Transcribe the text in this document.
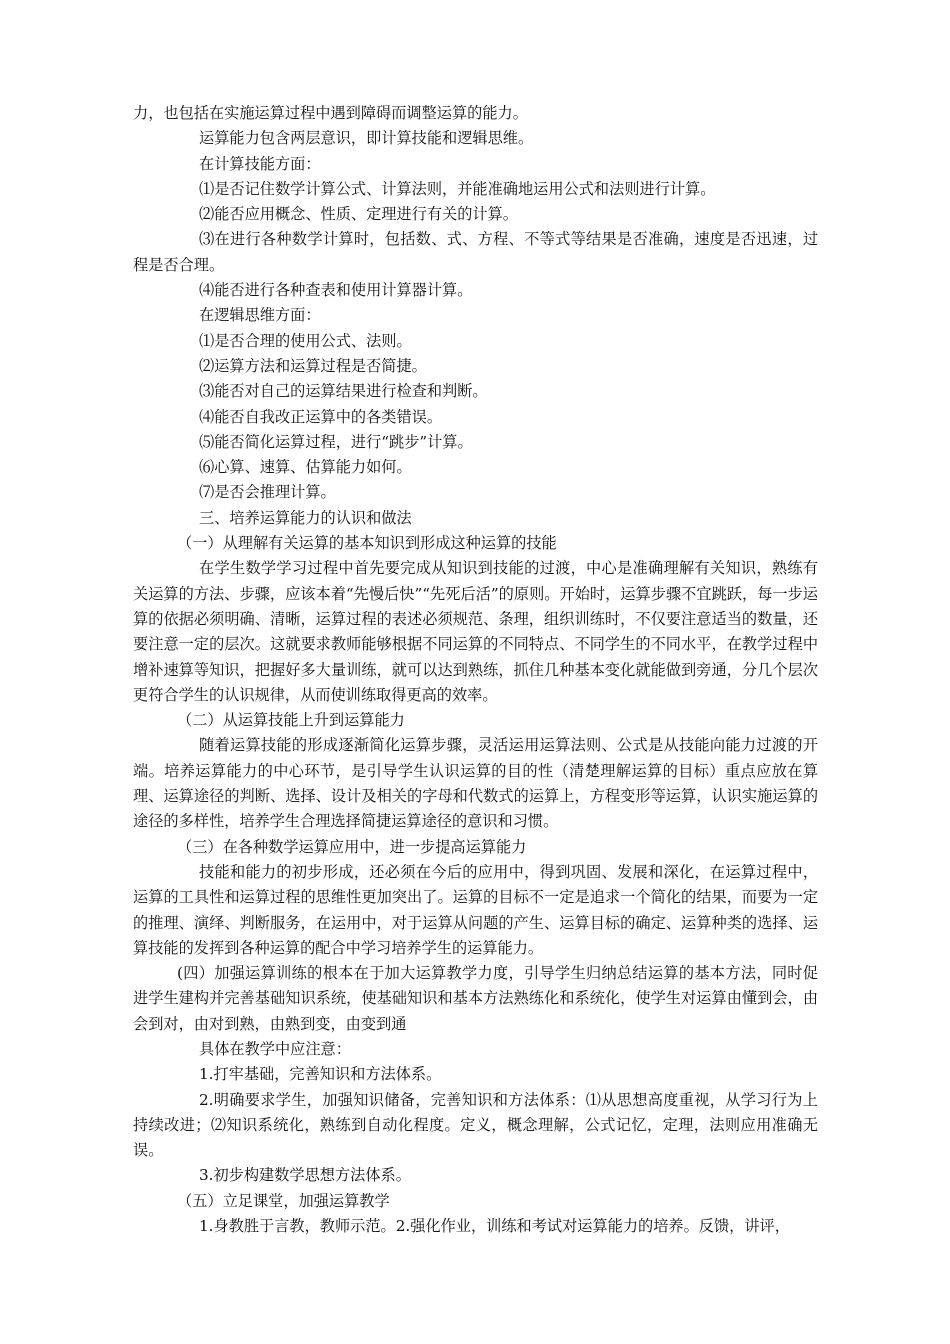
力，也包括在实施运算过程中遇到障碍而调整运算的能力。

运算能力包含两层意识，即计算技能和逻辑思维。

在计算技能方面：

⑴是否记住数学计算公式、计算法则，并能准确地运用公式和法则进行计算。

⑵能否应用概念、性质、定理进行有关的计算。

⑶在进行各种数学计算时，包括数、式、方程、不等式等结果是否准确，速度是否迅速，过程是否合理。

⑷能否进行各种查表和使用计算器计算。

在逻辑思维方面：

⑴是否合理的使用公式、法则。

⑵运算方法和运算过程是否简捷。

⑶能否对自己的运算结果进行检查和判断。

⑷能否自我改正运算中的各类错误。

⑸能否简化运算过程，进行“跳步”计算。

⑹心算、速算、估算能力如何。

⑺是否会推理计算。

三、培养运算能力的认识和做法

（一）从理解有关运算的基本知识到形成这种运算的技能

在学生数学学习过程中首先要完成从知识到技能的过渡，中心是准确理解有关知识，熟练有关运算的方法、步骤，应该本着“先慢后快”“先死后活”的原则。开始时，运算步骤不宜跳跃，每一步运算的依据必须明确、清晰，运算过程的表述必须规范、条理，组织训练时，不仅要注意适当的数量，还要注意一定的层次。这就要求教师能够根据不同运算的不同特点、不同学生的不同水平，在教学过程中增补速算等知识，把握好多大量训练，就可以达到熟练，抓住几种基本变化就能做到旁通，分几个层次更符合学生的认识规律，从而使训练取得更高的效率。

（二）从运算技能上升到运算能力

随着运算技能的形成逐渐简化运算步骤，灵活运用运算法则、公式是从技能向能力过渡的开端。培养运算能力的中心环节，是引导学生认识运算的目的性（清楚理解运算的目标）重点应放在算理、运算途径的判断、选择、设计及相关的字母和代数式的运算上，方程变形等运算，认识实施运算的途径的多样性，培养学生合理选择简捷运算途径的意识和习惯。

（三）在各种数学运算应用中，进一步提高运算能力

技能和能力的初步形成，还必须在今后的应用中，得到巩固、发展和深化，在运算过程中，运算的工具性和运算过程的思维性更加突出了。运算的目标不一定是追求一个简化的结果，而要为一定的推理、演绎、判断服务，在运用中，对于运算从问题的产生、运算目标的确定、运算种类的选择、运算技能的发挥到各种运算的配合中学习培养学生的运算能力。

(四）加强运算训练的根本在于加大运算教学力度，引导学生归纳总结运算的基本方法，同时促进学生建构并完善基础知识系统，使基础知识和基本方法熟练化和系统化，使学生对运算由懂到会，由会到对，由对到熟，由熟到变，由变到通

具体在教学中应注意：

1.打牢基础，完善知识和方法体系。

2.明确要求学生，加强知识储备，完善知识和方法体系：⑴从思想高度重视，从学习行为上持续改进；⑵知识系统化，熟练到自动化程度。定义，概念理解，公式记忆，定理，法则应用准确无误。

3.初步构建数学思想方法体系。

（五）立足课堂，加强运算教学

1.身教胜于言教，教师示范。2.强化作业，训练和考试对运算能力的培养。反馈，讲评，
